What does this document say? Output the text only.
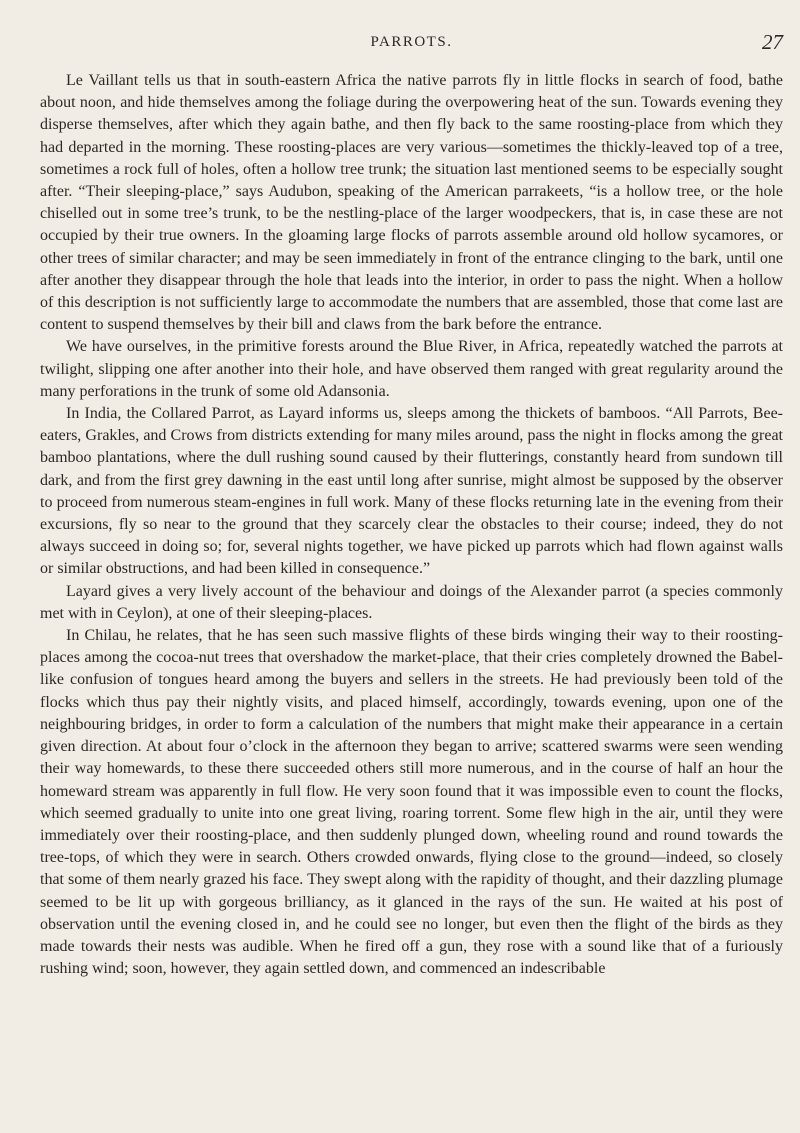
PARROTS.	27

Le Vaillant tells us that in south-eastern Africa the native parrots fly in little flocks in search of food, bathe about noon, and hide themselves among the foliage during the overpowering heat of the sun. Towards evening they disperse themselves, after which they again bathe, and then fly back to the same roosting-place from which they had departed in the morning. These roosting-places are very various—sometimes the thickly-leaved top of a tree, sometimes a rock full of holes, often a hollow tree trunk; the situation last mentioned seems to be especially sought after. “Their sleeping-place,” says Audubon, speaking of the American parrakeets, “is a hollow tree, or the hole chiselled out in some tree’s trunk, to be the nestling-place of the larger woodpeckers, that is, in case these are not occupied by their true owners. In the gloaming large flocks of parrots assemble around old hollow sycamores, or other trees of similar character; and may be seen immediately in front of the entrance clinging to the bark, until one after another they disappear through the hole that leads into the interior, in order to pass the night. When a hollow of this description is not sufficiently large to accommodate the numbers that are assembled, those that come last are content to suspend themselves by their bill and claws from the bark before the entrance.

We have ourselves, in the primitive forests around the Blue River, in Africa, repeatedly watched the parrots at twilight, slipping one after another into their hole, and have observed them ranged with great regularity around the many perforations in the trunk of some old Adansonia.

In India, the Collared Parrot, as Layard informs us, sleeps among the thickets of bamboos. “All Parrots, Bee-eaters, Grakles, and Crows from districts extending for many miles around, pass the night in flocks among the great bamboo plantations, where the dull rushing sound caused by their flutterings, constantly heard from sundown till dark, and from the first grey dawning in the east until long after sunrise, might almost be supposed by the observer to proceed from numerous steam-engines in full work. Many of these flocks returning late in the evening from their excursions, fly so near to the ground that they scarcely clear the obstacles to their course; indeed, they do not always succeed in doing so; for, several nights together, we have picked up parrots which had flown against walls or similar obstructions, and had been killed in consequence.”

Layard gives a very lively account of the behaviour and doings of the Alexander parrot (a species commonly met with in Ceylon), at one of their sleeping-places.

In Chilau, he relates, that he has seen such massive flights of these birds winging their way to their roosting-places among the cocoa-nut trees that overshadow the market-place, that their cries completely drowned the Babel-like confusion of tongues heard among the buyers and sellers in the streets. He had previously been told of the flocks which thus pay their nightly visits, and placed himself, accordingly, towards evening, upon one of the neighbouring bridges, in order to form a calculation of the numbers that might make their appearance in a certain given direction. At about four o’clock in the afternoon they began to arrive; scattered swarms were seen wending their way homewards, to these there succeeded others still more numerous, and in the course of half an hour the homeward stream was apparently in full flow. He very soon found that it was impossible even to count the flocks, which seemed gradually to unite into one great living, roaring torrent. Some flew high in the air, until they were immediately over their roosting-place, and then suddenly plunged down, wheeling round and round towards the tree-tops, of which they were in search. Others crowded onwards, flying close to the ground—indeed, so closely that some of them nearly grazed his face. They swept along with the rapidity of thought, and their dazzling plumage seemed to be lit up with gorgeous brilliancy, as it glanced in the rays of the sun. He waited at his post of observation until the evening closed in, and he could see no longer, but even then the flight of the birds as they made towards their nests was audible. When he fired off a gun, they rose with a sound like that of a furiously rushing wind; soon, however, they again settled down, and commenced an indescribable
